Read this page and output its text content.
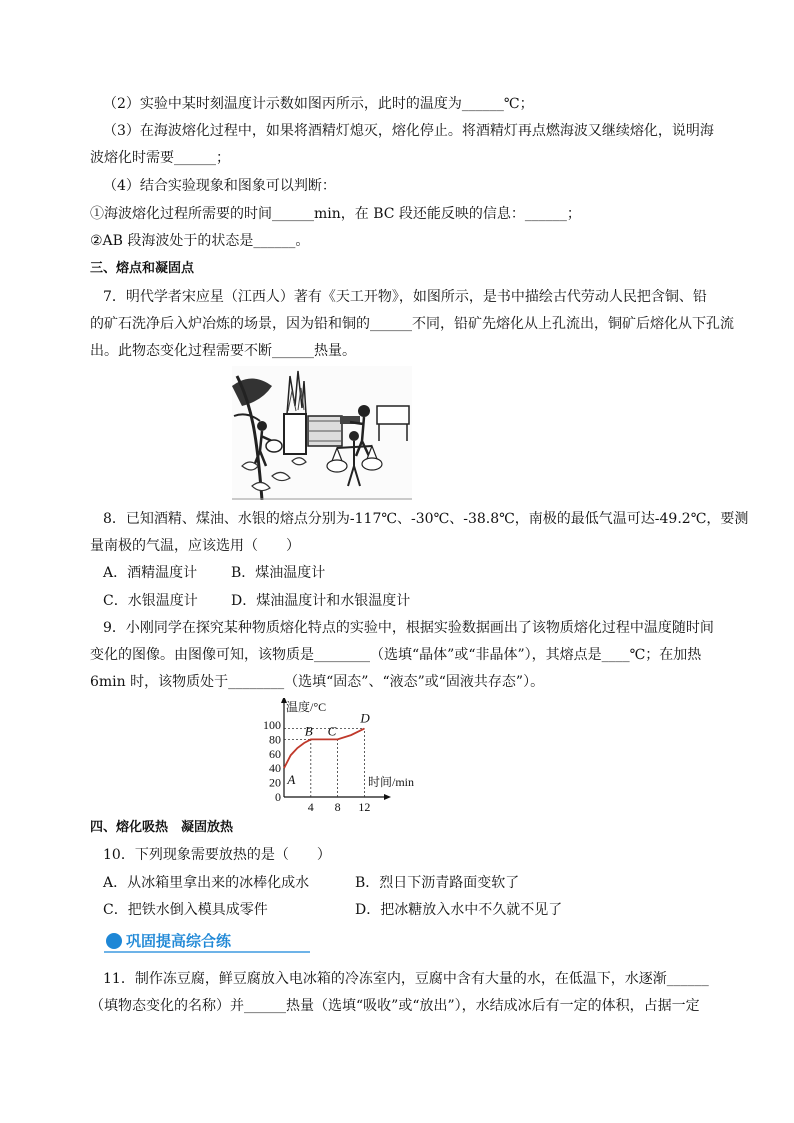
（2）实验中某时刻温度计示数如图丙所示，此时的温度为______℃；
（3）在海波熔化过程中，如果将酒精灯熄灭，熔化停止。将酒精灯再点燃海波又继续熔化，说明海
波熔化时需要______；
（4）结合实验现象和图象可以判断：
①海波熔化过程所需要的时间______min，在 BC 段还能反映的信息：______；
②AB 段海波处于的状态是______。
三、熔点和凝固点
7．明代学者宋应星（江西人）著有《天工开物》，如图所示，是书中描绘古代劳动人民把含铜、铅
的矿石洗净后入炉冶炼的场景，因为铅和铜的______不同，铅矿先熔化从上孔流出，铜矿后熔化从下孔流
出。此物态变化过程需要不断______热量。
8．已知酒精、煤油、水银的熔点分别为-117℃、-30℃、-38.8℃，南极的最低气温可达-49.2℃，要测
量南极的气温，应该选用（　　）
A．酒精温度计 B．煤油温度计
C．水银温度计 D．煤油温度计和水银温度计
9．小刚同学在探究某种物质熔化特点的实验中，根据实验数据画出了该物质熔化过程中温度随时间
变化的图像。由图像可知，该物质是________（选填“晶体”或“非晶体”），其熔点是____℃；在加热
6min 时，该物质处于________（选填“固态”、“液态”或“固液共存态”）。
100
80
60
40
20
0
4 8 12
A
B C
D
温度/°C
时间/min
四、熔化吸热　凝固放热
10．下列现象需要放热的是（　　）
A．从冰箱里拿出来的冰棒化成水	B．烈日下沥青路面变软了
C．把铁水倒入模具成零件	D．把冰糖放入水中不久就不见了
巩固提高综合练
11．制作冻豆腐，鲜豆腐放入电冰箱的冷冻室内，豆腐中含有大量的水，在低温下，水逐渐______
（填物态变化的名称）并______热量（选填“吸收”或“放出”），水结成冰后有一定的体积，占据一定
